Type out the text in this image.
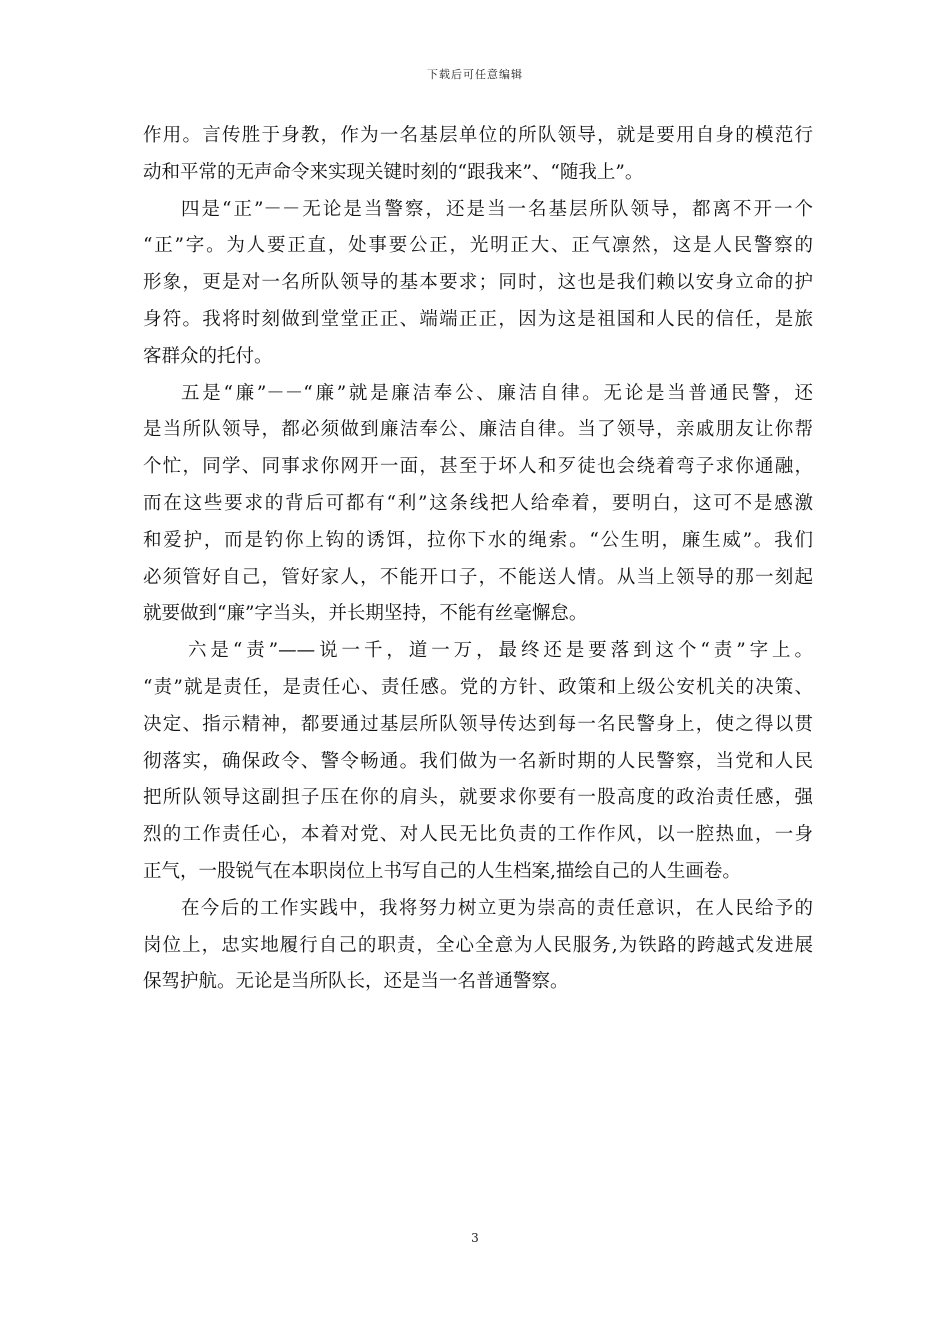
下载后可任意编辑
作用。言传胜于身教，作为一名基层单位的所队领导，就是要用自身的模范行
动和平常的无声命令来实现关键时刻的“跟我来”、“随我上”。
四是“正”－－无论是当警察，还是当一名基层所队领导，都离不开一个
“正”字。为人要正直，处事要公正，光明正大、正气凛然，这是人民警察的
形象，更是对一名所队领导的基本要求；同时，这也是我们赖以安身立命的护
身符。我将时刻做到堂堂正正、端端正正，因为这是祖国和人民的信任，是旅
客群众的托付。
五是“廉”－－“廉”就是廉洁奉公、廉洁自律。无论是当普通民警，还
是当所队领导，都必须做到廉洁奉公、廉洁自律。当了领导，亲戚朋友让你帮
个忙，同学、同事求你网开一面，甚至于坏人和歹徒也会绕着弯子求你通融，
而在这些要求的背后可都有“利”这条线把人给牵着，要明白，这可不是感激
和爱护，而是钓你上钩的诱饵，拉你下水的绳索。“公生明，廉生威”。我们
必须管好自己，管好家人，不能开口子，不能送人情。从当上领导的那一刻起
就要做到“廉”字当头，并长期坚持，不能有丝毫懈怠。
六是“责”——说一千，道一万，最终还是要落到这个“责”字上。
“责”就是责任，是责任心、责任感。党的方针、政策和上级公安机关的决策、
决定、指示精神，都要通过基层所队领导传达到每一名民警身上，使之得以贯
彻落实，确保政令、警令畅通。我们做为一名新时期的人民警察，当党和人民
把所队领导这副担子压在你的肩头，就要求你要有一股高度的政治责任感，强
烈的工作责任心，本着对党、对人民无比负责的工作作风，以一腔热血，一身
正气，一股锐气在本职岗位上书写自己的人生档案,描绘自己的人生画卷。
在今后的工作实践中，我将努力树立更为崇高的责任意识，在人民给予的
岗位上，忠实地履行自己的职责，全心全意为人民服务,为铁路的跨越式发进展
保驾护航。无论是当所队长，还是当一名普通警察。
3
